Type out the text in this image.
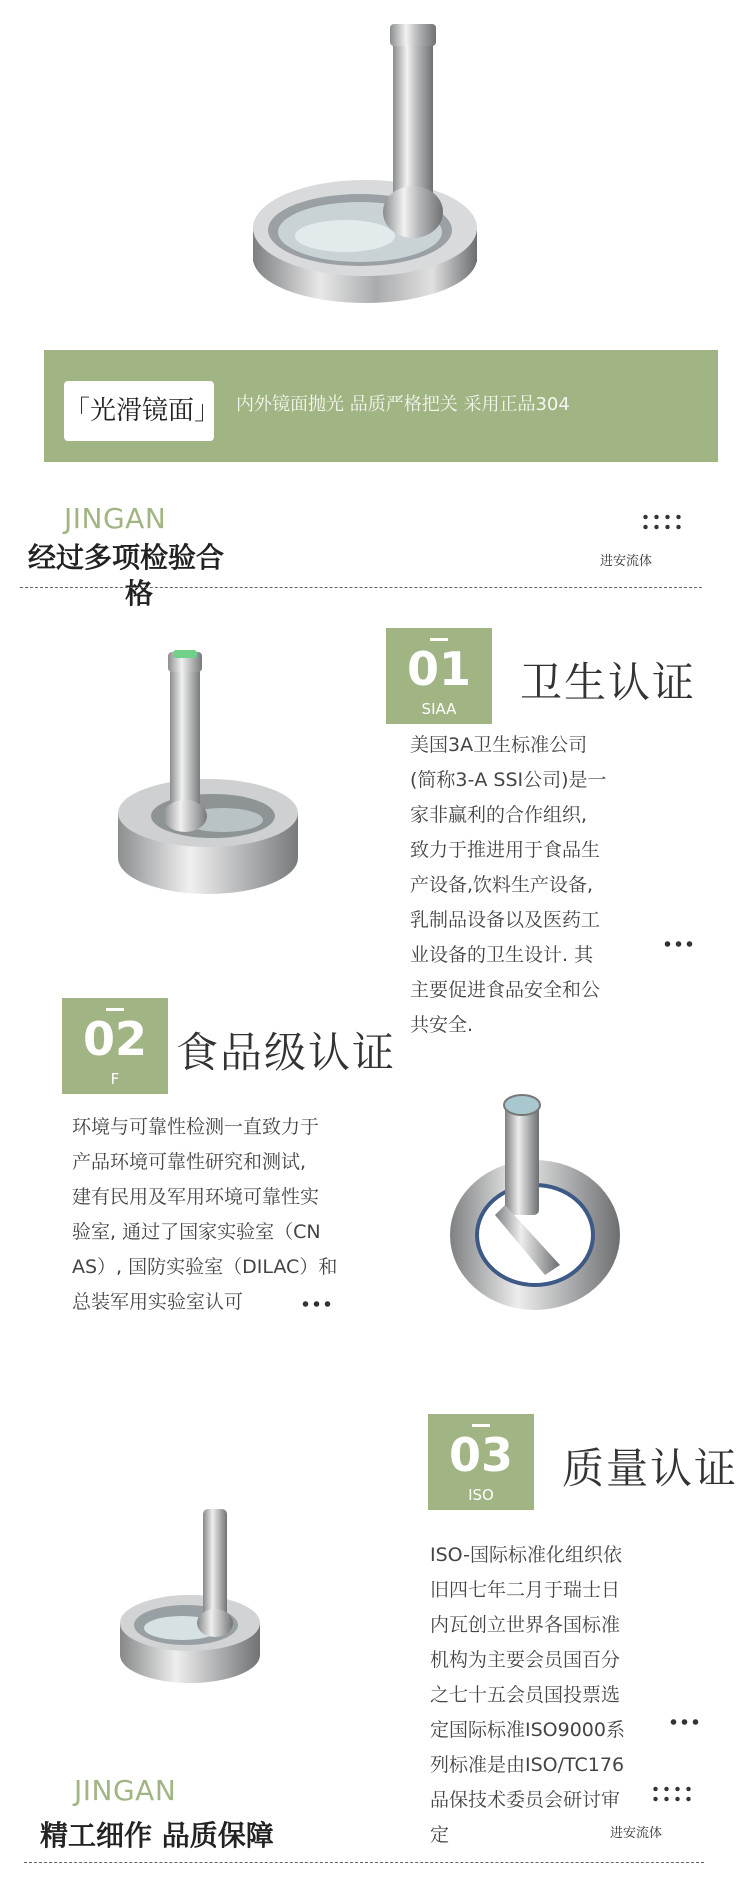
「光滑镜面」 内外镜面抛光 品质严格把关 采用正品304
JINGAN
经过多项检验合
格
进安流体
01
SIAA
卫生认证
美国3A卫生标准公司
(简称3-A SSI公司)是一
家非赢利的合作组织,
致力于推进用于食品生
产设备,饮料生产设备,
乳制品设备以及医药工
业设备的卫生设计. 其
主要促进食品安全和公
共安全.
02
F
食品级认证
环境与可靠性检测一直致力于
产品环境可靠性研究和测试,
建有民用及军用环境可靠性实
验室, 通过了国家实验室（CN
AS）, 国防实验室（DILAC）和
总装军用实验室认可
03
ISO
质量认证
ISO-国际标准化组织依
旧四七年二月于瑞士日
内瓦创立世界各国标准
机构为主要会员国百分
之七十五会员国投票选
定国际标准ISO9000系
列标准是由ISO/TC176
品保技术委员会研讨审
定
JINGAN
精工细作 品质保障	进安流体
